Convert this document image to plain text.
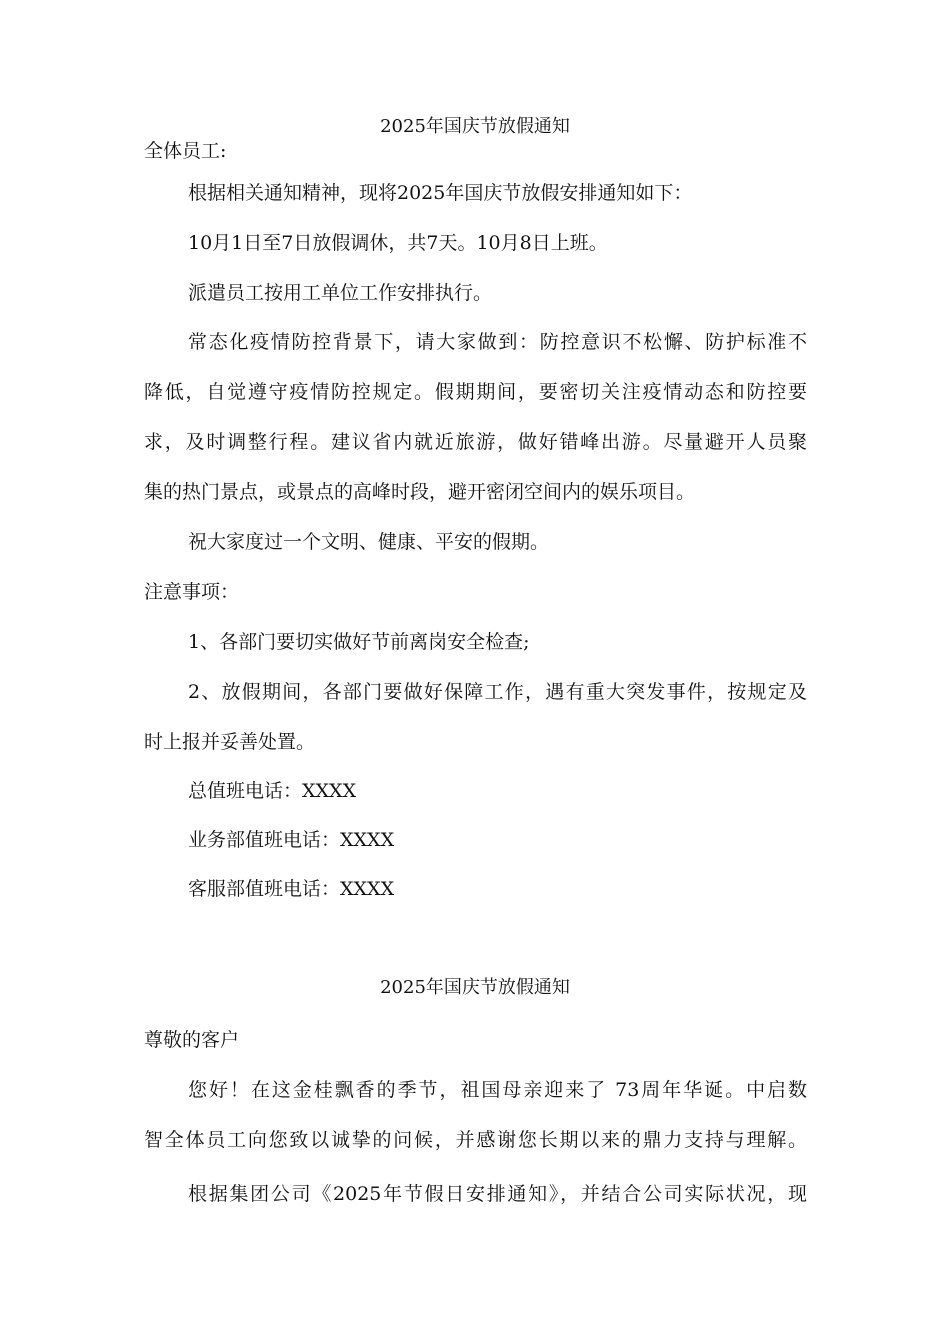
2025年国庆节放假通知

全体员工:

根据相关通知精神，现将2025年国庆节放假安排通知如下：

10月1日至7日放假调休，共7天。10月8日上班。

派遣员工按用工单位工作安排执行。

常态化疫情防控背景下，请大家做到：防控意识不松懈、防护标准不

降低，自觉遵守疫情防控规定。假期期间，要密切关注疫情动态和防控要

求，及时调整行程。建议省内就近旅游，做好错峰出游。尽量避开人员聚

集的热门景点，或景点的高峰时段，避开密闭空间内的娱乐项目。

祝大家度过一个文明、健康、平安的假期。

注意事项：

1、各部门要切实做好节前离岗安全检查;

2、放假期间，各部门要做好保障工作，遇有重大突发事件，按规定及

时上报并妥善处置。

总值班电话：XXXX

业务部值班电话：XXXX

客服部值班电话：XXXX

2025年国庆节放假通知

尊敬的客户

您好！在这金桂飘香的季节，祖国母亲迎来了 73周年华诞。中启数

智全体员工向您致以诚挚的问候，并感谢您长期以来的鼎力支持与理解。

根据集团公司《2025年节假日安排通知》，并结合公司实际状况，现
